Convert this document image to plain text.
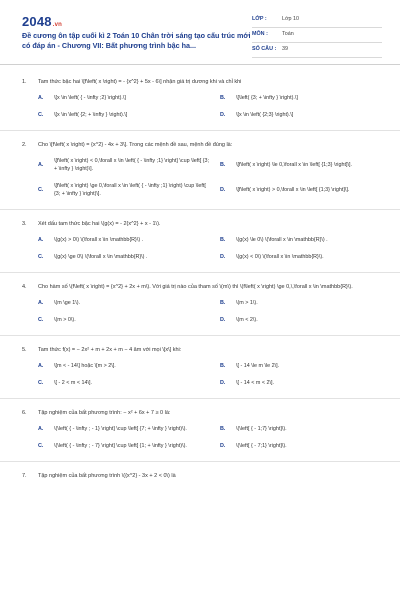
2048.vn
Đề cương ôn tập cuối kì 2 Toán 10 Chân trời sáng tạo cấu trúc mới có đáp án - Chương VII: Bất phương trình bậc ha...
LỚP :	Lớp 10
MÔN :	Toán
SỐ CÂU : 39
1. Tam thức bậc hai \[f\left( x \right) = - {x^2} + 5x - 6\] nhận giá trị dương khi và chỉ khi
A. \[x \in \left( { - \infty ;2} \right).\]	B. \[\left( {3; + \infty } \right).\]
C. \[x \in \left( {2; + \infty } \right).\]	D. \[x \in \left( {2;3} \right).\]
2. Cho \[f\left( x \right) = {x^2} - 4x + 3\]. Trong các mệnh đề sau, mệnh đề đúng là:
A.
\[f\left( x \right) < 0,\forall x \in \left( { - \infty ;1} \right] \cup \left[ {3; + \infty } \right)\].
B. \[f\left( x \right) \le 0,\forall x \in \left[ {1;3} \right]\].
C.
\[f\left( x \right) \ge 0,\forall x \in \left( { - \infty ;1} \right) \cup \left[ {3; + \infty } \right)\].
D. \[f\left( x \right) > 0,\forall x \in \left[ {1;3} \right]\].
3. Xét dấu tam thức bậc hai \(g(x) = - 2{x^2} + x - 1\).
A. \(g(x) > 0\) \(\forall x \in \mathbb{R}\) .	B. \(g(x) \le 0\) \(\forall x \in \mathbb{R}\) .
C. \(g(x) \ge 0\) \(\forall x \in \mathbb{R}\) .	D. \(g(x) < 0\) \(\forall x \in \mathbb{R}\).
4. Cho hàm số \(f\left( x \right) = {x^2} + 2x + m\). Với giá trị nào của tham số \(m\) thì \(f\left( x \right) \ge 0,\,\forall x \in \mathbb{R}\).
A. \(m \ge 1\).	B. \(m > 1\).
C. \(m > 0\).	D. \(m < 2\).
5. Tam thức f(x) = − 2x² + m + 2x + m − 4 âm với mọi \[x\] khi:
A. \[m < - 14\] hoặc \[m > 2\].	B. \[ - 14 \le m \le 2\].
C. \[ - 2 < m < 14\].	D. \[ - 14 < m < 2\].
6. Tập nghiệm của bất phương trình: − x² + 6x + 7 ≥ 0 là:
A. \(\left( { - \infty ; - 1} \right] \cup \left[ {7; + \infty } \right)\).	B. \(\left[ { - 1;7} \right]\).
C. \(\left( { - \infty ; - 7} \right] \cup \left[ {1; + \infty } \right)\).	D. \(\left[ { - 7;1} \right]\).
7. Tập nghiệm của bất phương trình \({x^2} - 3x + 2 < 0\) là
